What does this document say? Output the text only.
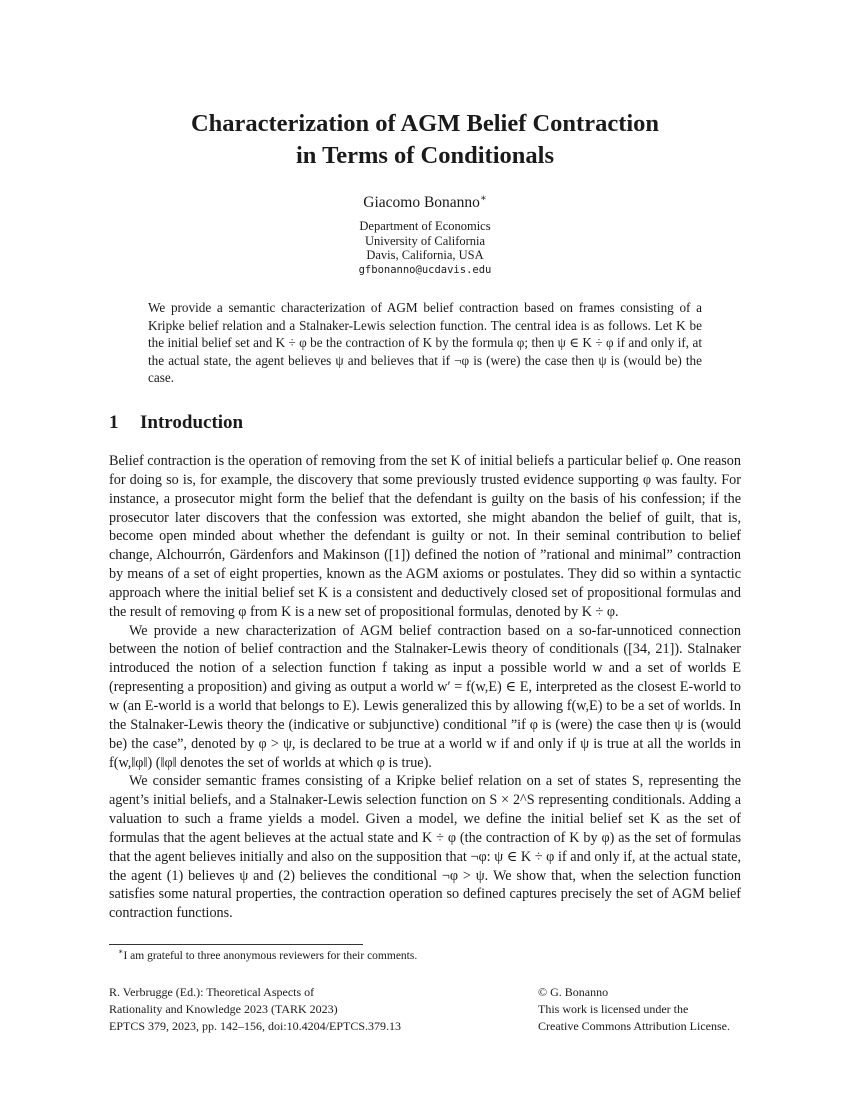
Characterization of AGM Belief Contraction
in Terms of Conditionals
Giacomo Bonanno∗
Department of Economics
University of California
Davis, California, USA
gfbonanno@ucdavis.edu
We provide a semantic characterization of AGM belief contraction based on frames consisting of a Kripke belief relation and a Stalnaker-Lewis selection function. The central idea is as follows. Let K be the initial belief set and K ÷ φ be the contraction of K by the formula φ; then ψ ∈ K ÷ φ if and only if, at the actual state, the agent believes ψ and believes that if ¬φ is (were) the case then ψ is (would be) the case.
1 Introduction

Belief contraction is the operation of removing from the set K of initial beliefs a particular belief φ. One reason for doing so is, for example, the discovery that some previously trusted evidence supporting φ was faulty. For instance, a prosecutor might form the belief that the defendant is guilty on the basis of his confession; if the prosecutor later discovers that the confession was extorted, she might abandon the belief of guilt, that is, become open minded about whether the defendant is guilty or not. In their seminal contribution to belief change, Alchourrón, Gärdenfors and Makinson ([1]) defined the notion of ”rational and minimal” contraction by means of a set of eight properties, known as the AGM axioms or postulates. They did so within a syntactic approach where the initial belief set K is a consistent and deductively closed set of propositional formulas and the result of removing φ from K is a new set of propositional formulas, denoted by K ÷ φ.

We provide a new characterization of AGM belief contraction based on a so-far-unnoticed connection between the notion of belief contraction and the Stalnaker-Lewis theory of conditionals ([34, 21]). Stalnaker introduced the notion of a selection function f taking as input a possible world w and a set of worlds E (representing a proposition) and giving as output a world w′ = f(w,E) ∈ E, interpreted as the closest E-world to w (an E-world is a world that belongs to E). Lewis generalized this by allowing f(w,E) to be a set of worlds. In the Stalnaker-Lewis theory the (indicative or subjunctive) conditional ”if φ is (were) the case then ψ is (would be) the case”, denoted by φ > ψ, is declared to be true at a world w if and only if ψ is true at all the worlds in f(w,‖φ‖) (‖φ‖ denotes the set of worlds at which φ is true).

We consider semantic frames consisting of a Kripke belief relation on a set of states S, representing the agent’s initial beliefs, and a Stalnaker-Lewis selection function on S × 2^S representing conditionals. Adding a valuation to such a frame yields a model. Given a model, we define the initial belief set K as the set of formulas that the agent believes at the actual state and K ÷ φ (the contraction of K by φ) as the set of formulas that the agent believes initially and also on the supposition that ¬φ: ψ ∈ K ÷ φ if and only if, at the actual state, the agent (1) believes ψ and (2) believes the conditional ¬φ > ψ. We show that, when the selection function satisfies some natural properties, the contraction operation so defined captures precisely the set of AGM belief contraction functions.

∗I am grateful to three anonymous reviewers for their comments.
R. Verbrugge (Ed.): Theoretical Aspects of
Rationality and Knowledge 2023 (TARK 2023)
EPTCS 379, 2023, pp. 142–156, doi:10.4204/EPTCS.379.13
© G. Bonanno
This work is licensed under the
Creative Commons Attribution License.
